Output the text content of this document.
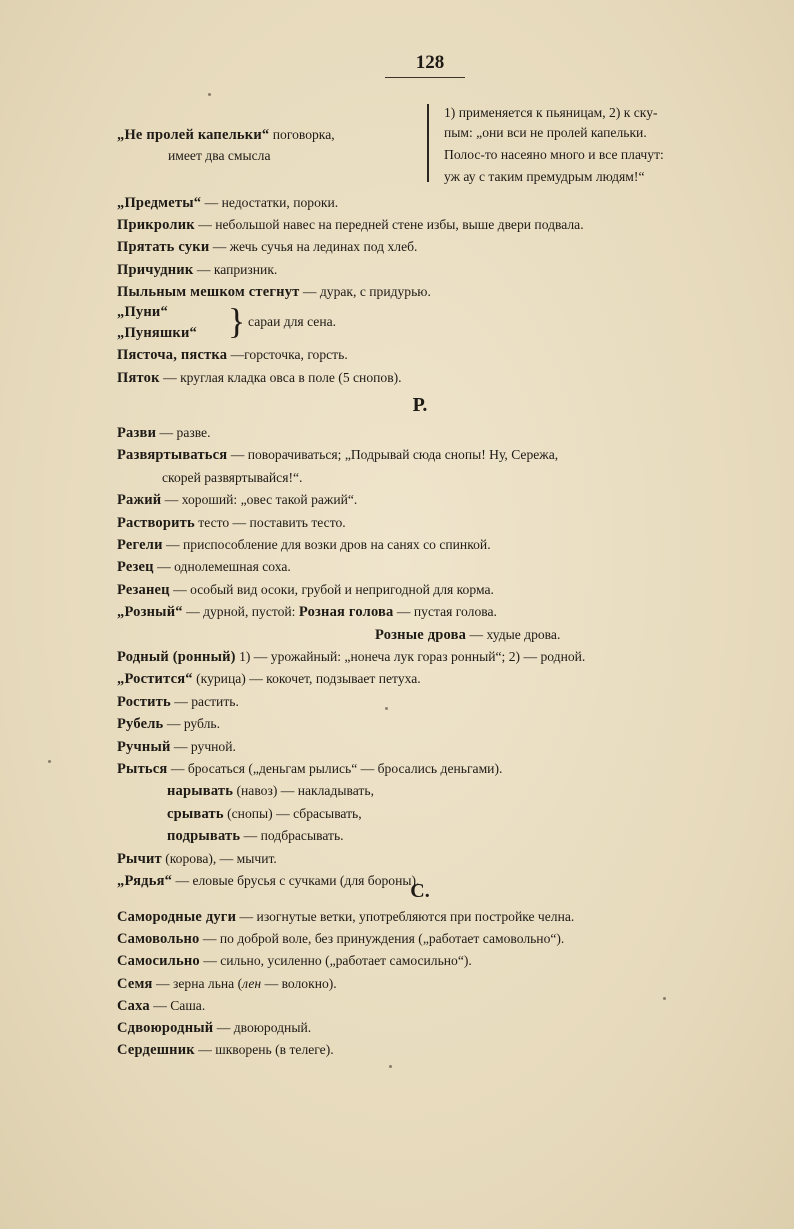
128
„Не пролей капельки“ поговорка,
имеет два смысла
1) применяется к пьяницам, 2) к ску-
пым: „они вси не пролей капельки.
Полос-то насеяно много и все плачут:
уж ау с таким премудрым людям!“
„Предметы“ — недостатки, пороки.
Прикролик — небольшой навес на передней стене избы, выше двери подвала.
Прятать суки — жечь сучья на лединах под хлеб.
Причудник — капризник.
Пыльным мешком стегнут — дурак, с придурью.
„Пуни“
„Пуняшки“ } сараи для сена.
Пясточа, пястка —горсточка, горсть.
Пяток — круглая кладка овса в поле (5 снопов).
Р.
Разви — разве.
Развяртываться — поворачиваться; „Подрывай сюда снопы! Ну, Сережа,
скорей развяртывайся!“.
Ражий — хороший: „овес такой ражий“.
Растворить тесто — поставить тесто.
Регели — приспособление для возки дров на санях со спинкой.
Резец — однолемешная соха.
Резанец — особый вид осоки, грубой и непригодной для корма.
„Розный“ — дурной, пустой: Розная голова — пустая голова.
Розные дрова — худые дрова.
Родный (ронный) 1) — урожайный: „нонеча лук гораз ронный“; 2) — родной.
„Ростится“ (курица) — кокочет, подзывает петуха.
Ростить — растить.
Рубель — рубль.
Ручный — ручной.
Рыться — бросаться („деньгам рылись“ — бросались деньгами).
нарывать (навоз) — накладывать,
срывать (снопы) — сбрасывать,
подрывать — подбрасывать.
Рычит (корова), — мычит.
„Рядья“ — еловые брусья с сучками (для бороны).
С.
Самородные дуги — изогнутые ветки, употребляются при постройке челна.
Самовольно — по доброй воле, без принуждения („работает самовольно“).
Самосильно — сильно, усиленно („работает самосильно“).
Семя — зерна льна (лен — волокно).
Саха — Саша.
Сдвоюродный — двоюродный.
Сердешник — шкворень (в телеге).
